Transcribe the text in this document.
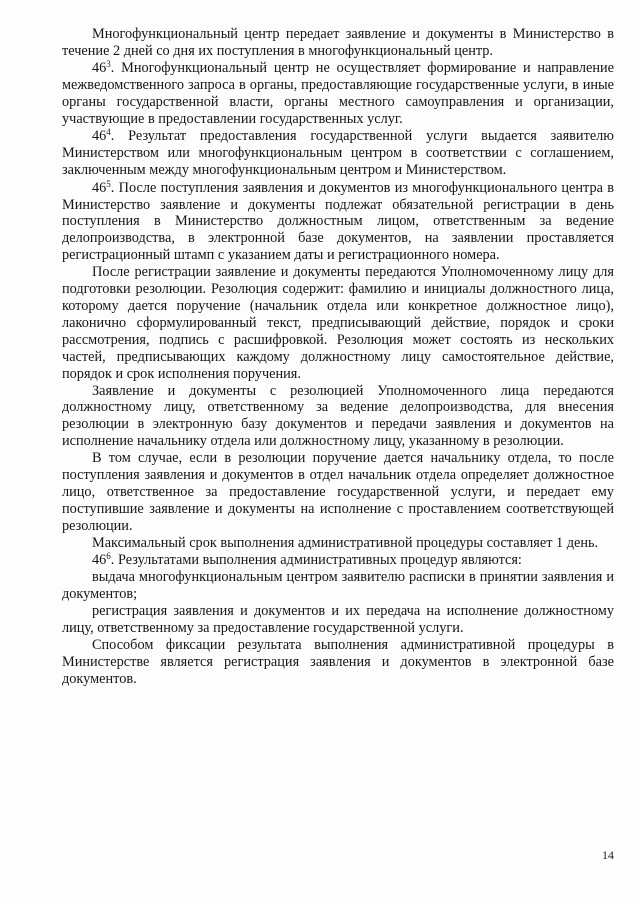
Многофункциональный центр передает заявление и документы в Министерство в течение 2 дней со дня их поступления в многофункциональный центр.

$46^3$. Многофункциональный центр не осуществляет формирование и направление межведомственного запроса в органы, предоставляющие государственные услуги, в иные органы государственной власти, органы местного самоуправления и организации, участвующие в предоставлении государственных услуг.

$46^4$. Результат предоставления государственной услуги выдается заявителю Министерством или многофункциональным центром в соответствии с соглашением, заключенным между многофункциональным центром и Министерством.

$46^5$. После поступления заявления и документов из многофункционального центра в Министерство заявление и документы подлежат обязательной регистрации в день поступления в Министерство должностным лицом, ответственным за ведение делопроизводства, в электронной базе документов, на заявлении проставляется регистрационный штамп с указанием даты и регистрационного номера.

После регистрации заявление и документы передаются Уполномоченному лицу для подготовки резолюции. Резолюция содержит: фамилию и инициалы должностного лица, которому дается поручение (начальник отдела или конкретное должностное лицо), лаконично сформулированный текст, предписывающий действие, порядок и сроки рассмотрения, подпись с расшифровкой. Резолюция может состоять из нескольких частей, предписывающих каждому должностному лицу самостоятельное действие, порядок и срок исполнения поручения.

Заявление и документы с резолюцией Уполномоченного лица передаются должностному лицу, ответственному за ведение делопроизводства, для внесения резолюции в электронную базу документов и передачи заявления и документов на исполнение начальнику отдела или должностному лицу, указанному в резолюции.

В том случае, если в резолюции поручение дается начальнику отдела, то после поступления заявления и документов в отдел начальник отдела определяет должностное лицо, ответственное за предоставление государственной услуги, и передает ему поступившие заявление и документы на исполнение с проставлением соответствующей резолюции.

Максимальный срок выполнения административной процедуры составляет 1 день.

$46^6$. Результатами выполнения административных процедур являются:

выдача многофункциональным центром заявителю расписки в принятии заявления и документов;

регистрация заявления и документов и их передача на исполнение должностному лицу, ответственному за предоставление государственной услуги.

Способом фиксации результата выполнения административной процедуры в Министерстве является регистрация заявления и документов в электронной базе документов.

14
